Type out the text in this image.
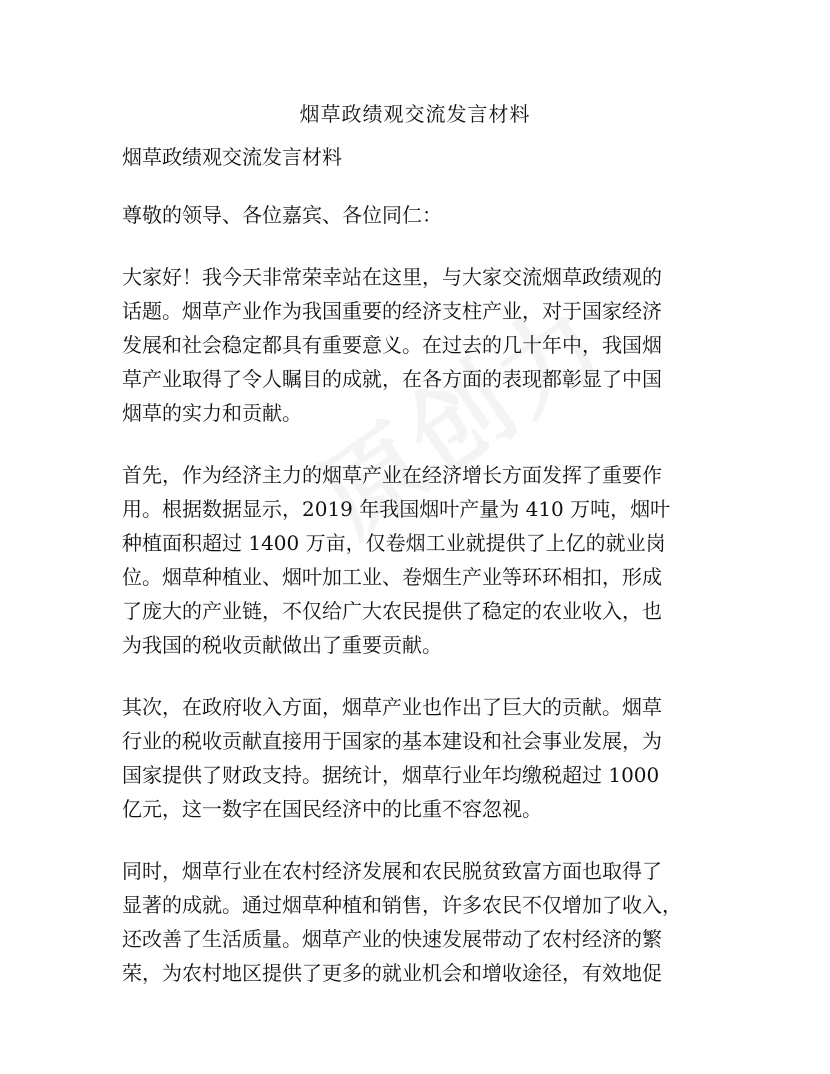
烟草政绩观交流发言材料

烟草政绩观交流发言材料

尊敬的领导、各位嘉宾、各位同仁：

大家好！我今天非常荣幸站在这里，与大家交流烟草政绩观的

话题。烟草产业作为我国重要的经济支柱产业，对于国家经济

发展和社会稳定都具有重要意义。在过去的几十年中，我国烟

草产业取得了令人瞩目的成就，在各方面的表现都彰显了中国

烟草的实力和贡献。

首先，作为经济主力的烟草产业在经济增长方面发挥了重要作

用。根据数据显示，2019 年我国烟叶产量为 410 万吨，烟叶

种植面积超过 1400 万亩，仅卷烟工业就提供了上亿的就业岗

位。烟草种植业、烟叶加工业、卷烟生产业等环环相扣，形成

了庞大的产业链，不仅给广大农民提供了稳定的农业收入，也

为我国的税收贡献做出了重要贡献。

其次，在政府收入方面，烟草产业也作出了巨大的贡献。烟草

行业的税收贡献直接用于国家的基本建设和社会事业发展，为

国家提供了财政支持。据统计，烟草行业年均缴税超过 1000

亿元，这一数字在国民经济中的比重不容忽视。

同时，烟草行业在农村经济发展和农民脱贫致富方面也取得了

显著的成就。通过烟草种植和销售，许多农民不仅增加了收入，

还改善了生活质量。烟草产业的快速发展带动了农村经济的繁

荣，为农村地区提供了更多的就业机会和增收途径，有效地促
